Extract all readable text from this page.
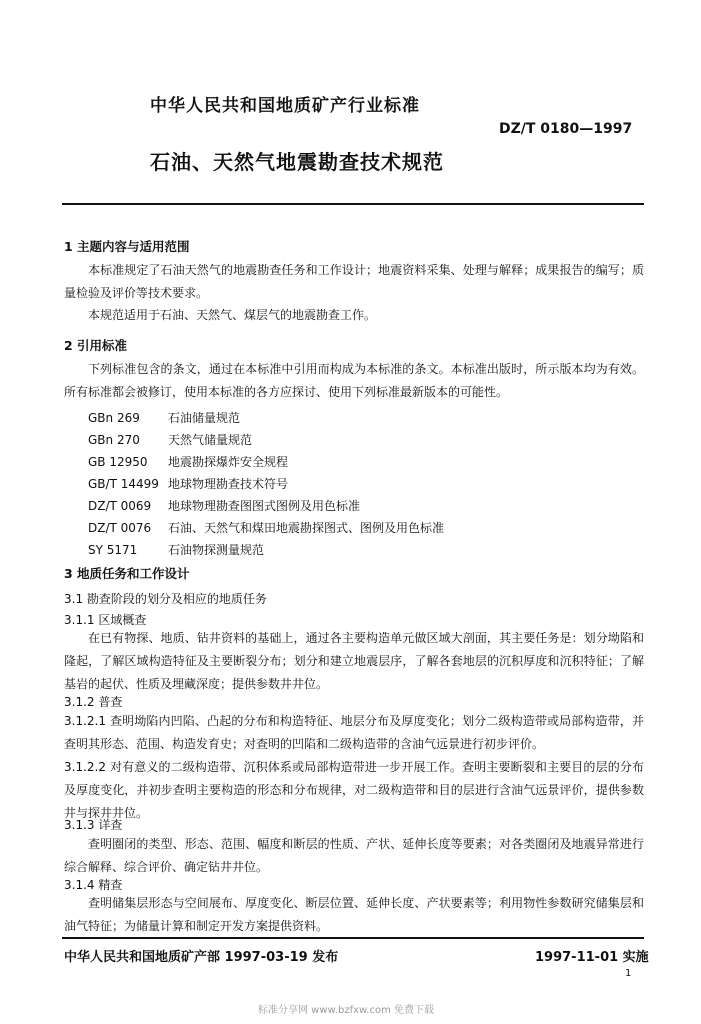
中华人民共和国地质矿产行业标准
DZ/T 0180—1997
石油、天然气地震勘查技术规范
1 主题内容与适用范围
本标准规定了石油天然气的地震勘查任务和工作设计；地震资料采集、处理与解释；成果报告的编写；质量检验及评价等技术要求。
本规范适用于石油、天然气、煤层气的地震勘查工作。
2 引用标准
下列标准包含的条文，通过在本标准中引用而构成为本标准的条文。本标准出版时，所示版本均为有效。所有标准都会被修订，使用本标准的各方应探讨、使用下列标准最新版本的可能性。
GBn 269 石油储量规范
GBn 270 天然气储量规范
GB 12950 地震勘探爆炸安全规程
GB/T 14499 地球物理勘查技术符号
DZ/T 0069 地球物理勘查图图式图例及用色标准
DZ/T 0076 石油、天然气和煤田地震勘探图式、图例及用色标准
SY 5171	石油物探测量规范
3 地质任务和工作设计
3.1 勘查阶段的划分及相应的地质任务
3.1.1 区域概查
在已有物探、地质、钻井资料的基础上，通过各主要构造单元做区域大剖面，其主要任务是：划分坳陷和隆起，了解区域构造特征及主要断裂分布；划分和建立地震层序，了解各套地层的沉积厚度和沉积特征；了解基岩的起伏、性质及埋藏深度；提供参数井井位。
3.1.2 普查
3.1.2.1 查明坳陷内凹陷、凸起的分布和构造特征、地层分布及厚度变化；划分二级构造带或局部构造带，并查明其形态、范围、构造发育史；对查明的凹陷和二级构造带的含油气远景进行初步评价。
3.1.2.2 对有意义的二级构造带、沉积体系或局部构造带进一步开展工作。查明主要断裂和主要目的层的分布及厚度变化，并初步查明主要构造的形态和分布规律，对二级构造带和目的层进行含油气远景评价，提供参数井与探井井位。
3.1.3 详查
查明圈闭的类型、形态、范围、幅度和断层的性质、产状、延伸长度等要素；对各类圈闭及地震异常进行综合解释、综合评价、确定钻井井位。
3.1.4 精查
查明储集层形态与空间展布、厚度变化、断层位置、延伸长度、产状要素等；利用物性参数研究储集层和油气特征；为储量计算和制定开发方案提供资料。
中华人民共和国地质矿产部 1997-03-19 发布	1997-11-01 实施
1
标准分享网 www.bzfxw.com 免费下载
